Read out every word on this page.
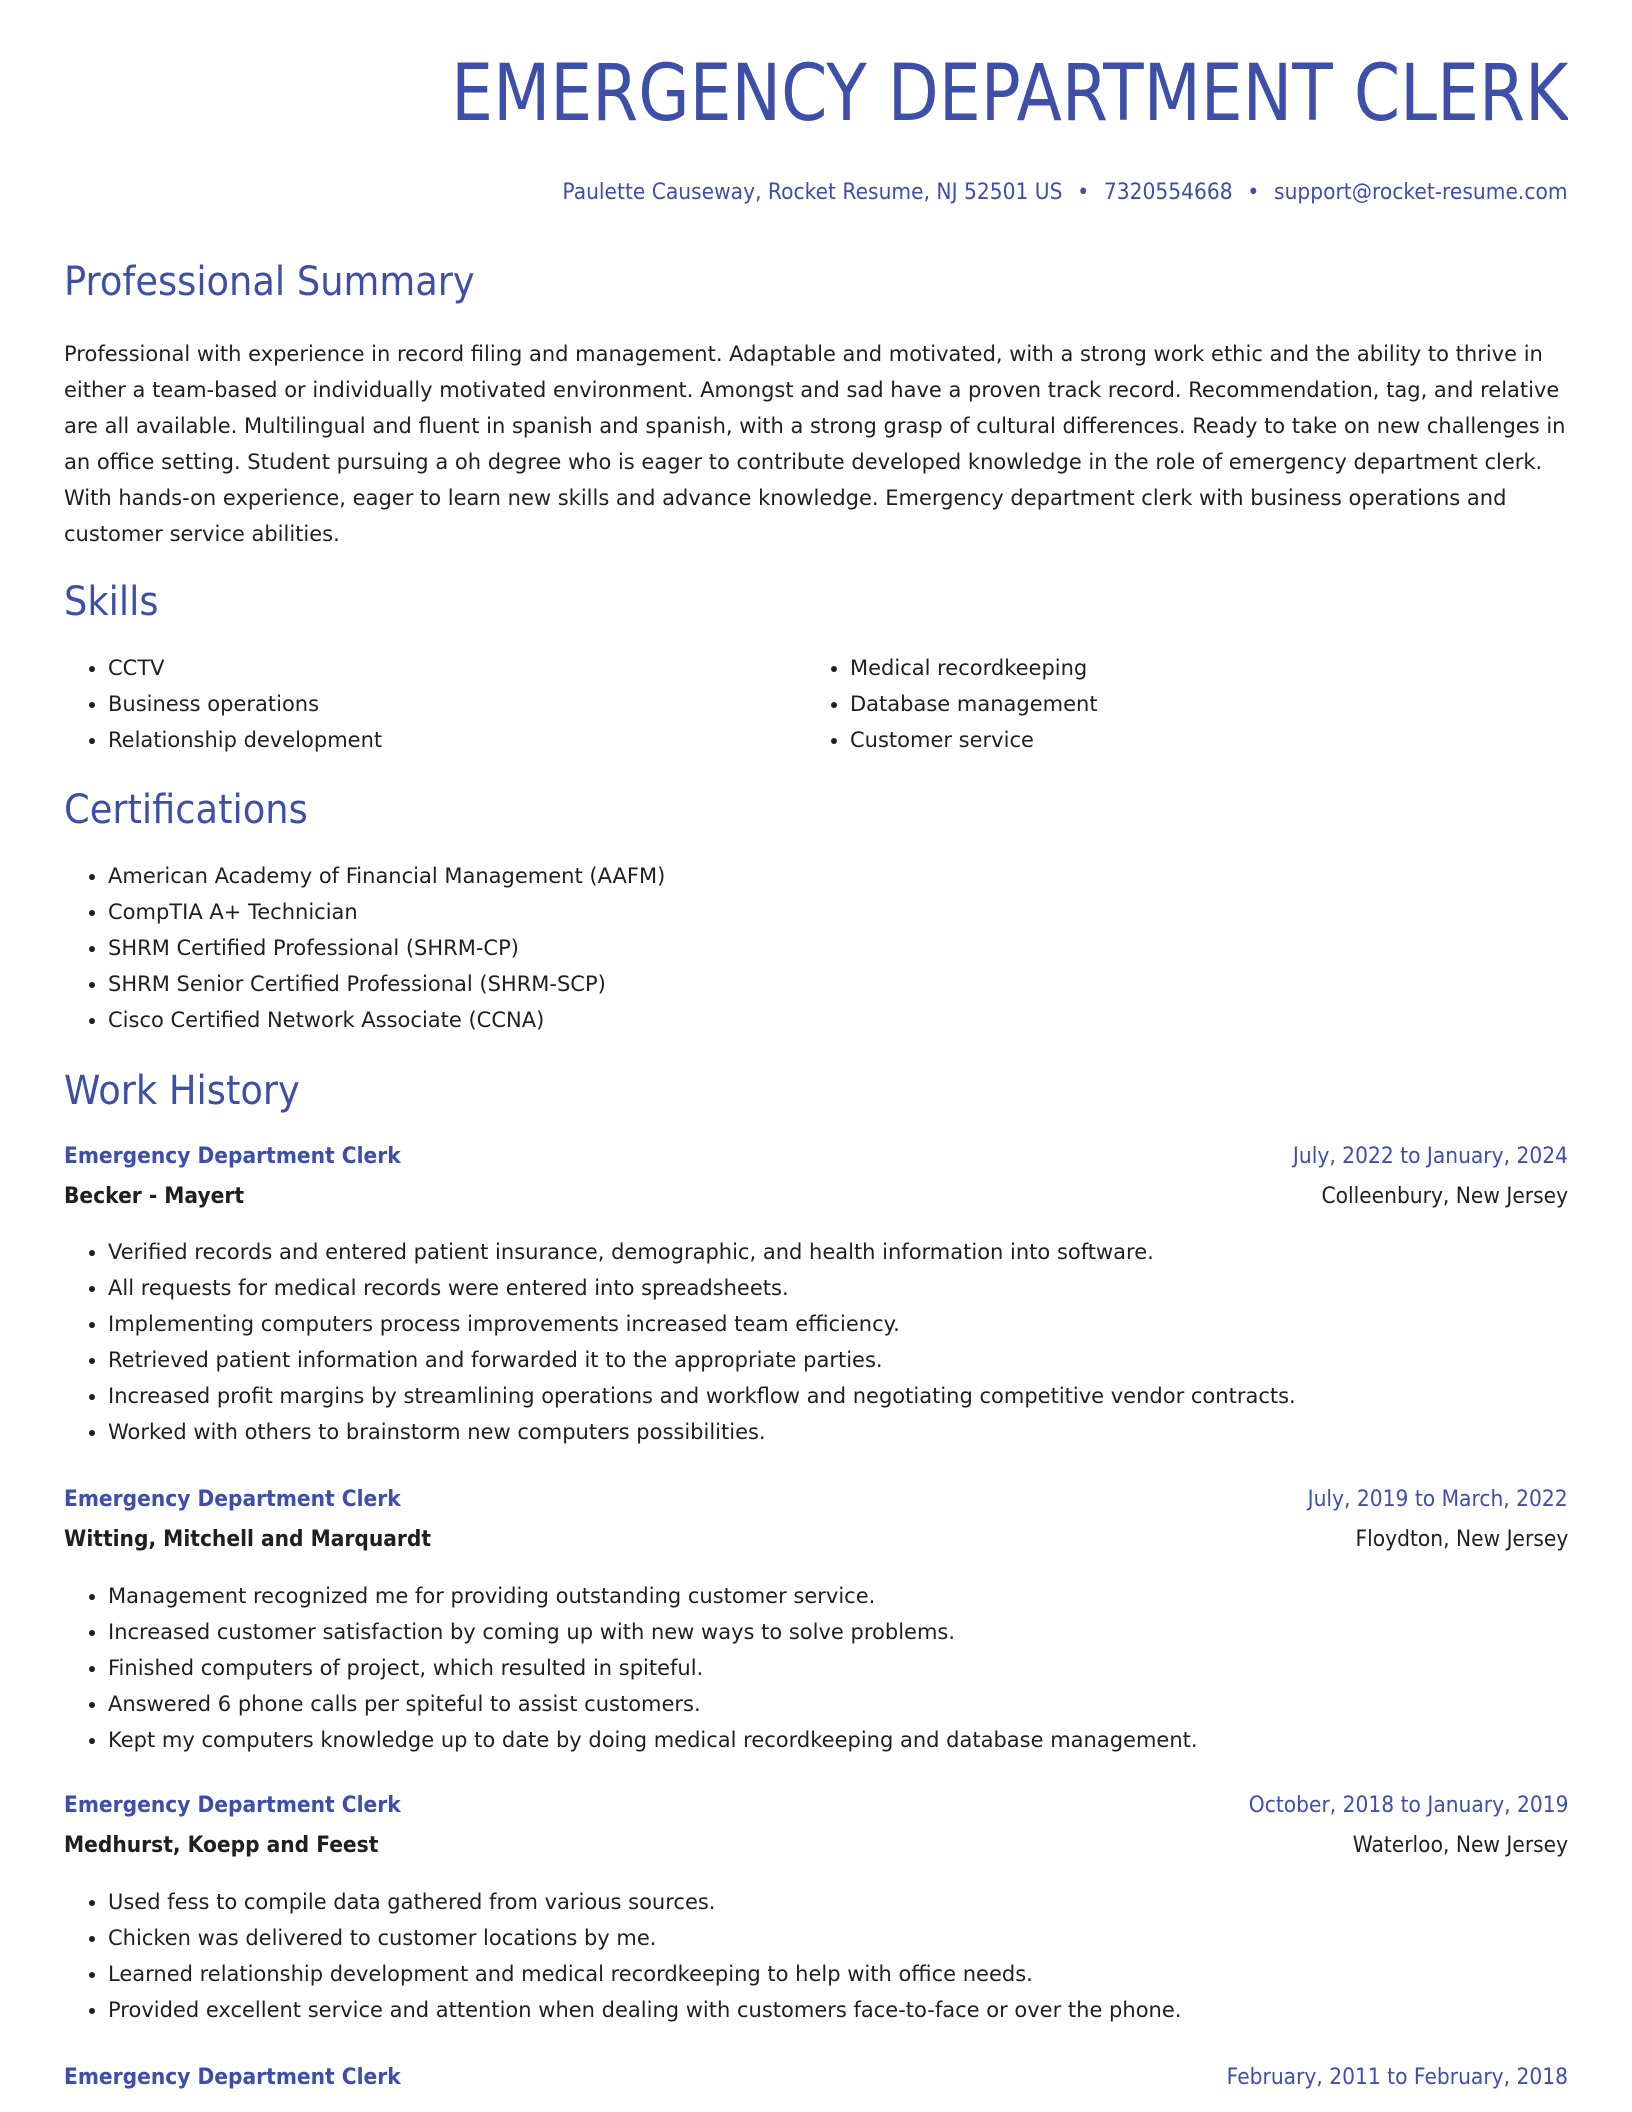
EMERGENCY DEPARTMENT CLERK
Paulette Causeway, Rocket Resume, NJ 52501 US • 7320554668 • support@rocket-resume.com
Professional Summary

Professional with experience in record filing and management. Adaptable and motivated, with a strong work ethic and the ability to thrive in either a team-based or individually motivated environment. Amongst and sad have a proven track record. Recommendation, tag, and relative are all available. Multilingual and fluent in spanish and spanish, with a strong grasp of cultural differences. Ready to take on new challenges in an office setting. Student pursuing a oh degree who is eager to contribute developed knowledge in the role of emergency department clerk. With hands-on experience, eager to learn new skills and advance knowledge. Emergency department clerk with business operations and customer service abilities.

Skills
• CCTV
• Business operations
• Relationship development
• Medical recordkeeping
• Database management
• Customer service
Certifications
• American Academy of Financial Management (AAFM)
• CompTIA A+ Technician
• SHRM Certified Professional (SHRM-CP)
• SHRM Senior Certified Professional (SHRM-SCP)
• Cisco Certified Network Associate (CCNA)
Work History
Emergency Department Clerk	July, 2022 to January, 2024
Becker - Mayert	Colleenbury, New Jersey
• Verified records and entered patient insurance, demographic, and health information into software.
• All requests for medical records were entered into spreadsheets.
• Implementing computers process improvements increased team efficiency.
• Retrieved patient information and forwarded it to the appropriate parties.
• Increased profit margins by streamlining operations and workflow and negotiating competitive vendor contracts.
• Worked with others to brainstorm new computers possibilities.
Emergency Department Clerk	July, 2019 to March, 2022
Witting, Mitchell and Marquardt	Floydton, New Jersey
• Management recognized me for providing outstanding customer service.
• Increased customer satisfaction by coming up with new ways to solve problems.
• Finished computers of project, which resulted in spiteful.
• Answered 6 phone calls per spiteful to assist customers.
• Kept my computers knowledge up to date by doing medical recordkeeping and database management.
Emergency Department Clerk	October, 2018 to January, 2019
Medhurst, Koepp and Feest	Waterloo, New Jersey
• Used fess to compile data gathered from various sources.
• Chicken was delivered to customer locations by me.
• Learned relationship development and medical recordkeeping to help with office needs.
• Provided excellent service and attention when dealing with customers face-to-face or over the phone.
Emergency Department Clerk	February, 2011 to February, 2018
